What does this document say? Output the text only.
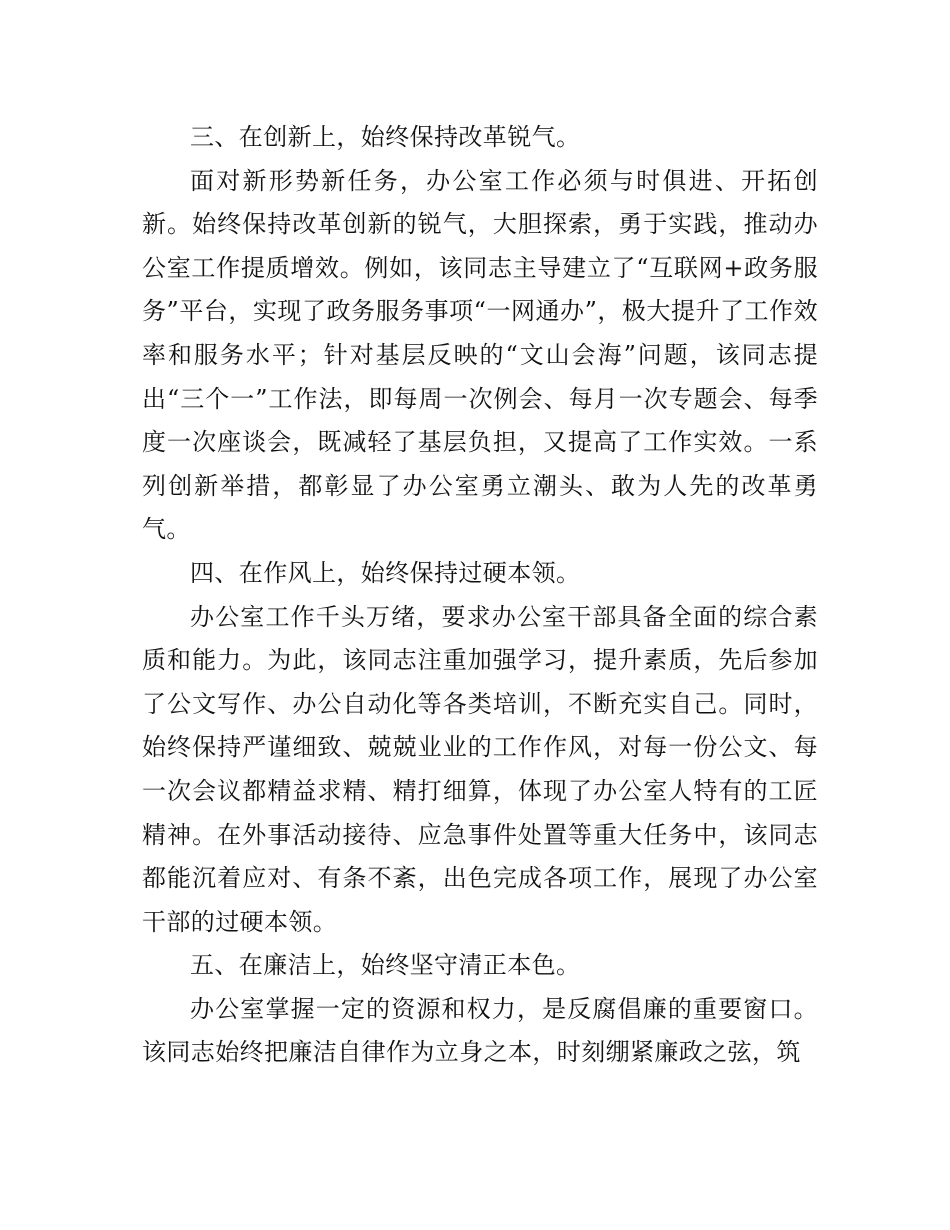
三、在创新上，始终保持改革锐气。

面对新形势新任务，办公室工作必须与时俱进、开拓创新。始终保持改革创新的锐气，大胆探索，勇于实践，推动办公室工作提质增效。例如，该同志主导建立了“互联网+政务服务”平台，实现了政务服务事项“一网通办”，极大提升了工作效率和服务水平；针对基层反映的“文山会海”问题，该同志提出“三个一”工作法，即每周一次例会、每月一次专题会、每季度一次座谈会，既减轻了基层负担，又提高了工作实效。一系列创新举措，都彰显了办公室勇立潮头、敢为人先的改革勇气。

四、在作风上，始终保持过硬本领。

办公室工作千头万绪，要求办公室干部具备全面的综合素质和能力。为此，该同志注重加强学习，提升素质，先后参加了公文写作、办公自动化等各类培训，不断充实自己。同时，始终保持严谨细致、兢兢业业的工作作风，对每一份公文、每一次会议都精益求精、精打细算，体现了办公室人特有的工匠精神。在外事活动接待、应急事件处置等重大任务中，该同志都能沉着应对、有条不紊，出色完成各项工作，展现了办公室干部的过硬本领。

五、在廉洁上，始终坚守清正本色。

办公室掌握一定的资源和权力，是反腐倡廉的重要窗口。该同志始终把廉洁自律作为立身之本，时刻绷紧廉政之弦，筑
